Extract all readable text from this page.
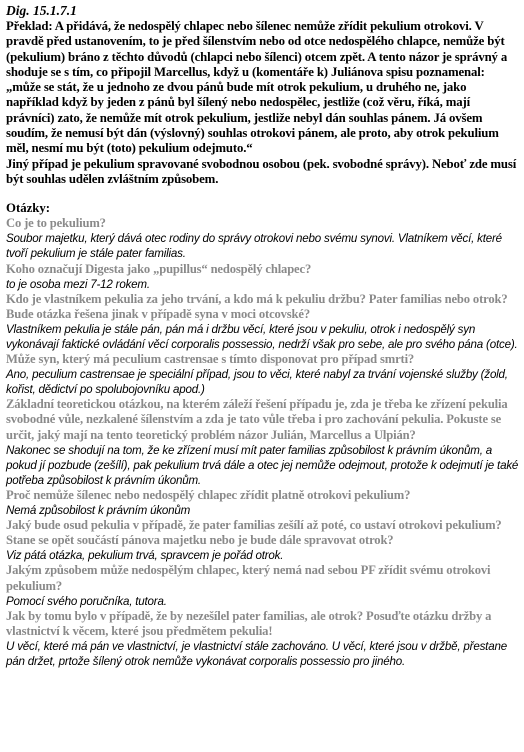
Dig. 15.1.7.1

Překlad: A přidává, že nedospělý chlapec nebo šílenec nemůže zřídit pekulium otrokovi. V pravdě před ustanovením, to je před šílenstvím nebo od otce nedospělého chlapce, nemůže být (pekulium) bráno z těchto důvodů (chlapci nebo šílenci) otcem zpět. A tento názor je správný a shoduje se s tím, co připojil Marcellus, když u (komentáře k) Juliánova spisu poznamenal: „může se stát, že u jednoho ze dvou pánů bude mít otrok pekulium, u druhého ne, jako například když by jeden z pánů byl šílený nebo nedospělec, jestliže (což věru, říká, mají právníci) zato, že nemůže mít otrok pekulium, jestliže nebyl dán souhlas pánem. Já ovšem soudím, že nemusí být dán (výslovný) souhlas otrokovi pánem, ale proto, aby otrok pekulium měl, nesmí mu být (toto) pekulium odejmuto.“

Jiný případ je pekulium spravované svobodnou osobou (pek. svobodné správy). Neboť zde musí být souhlas udělen zvláštním způsobem.

Otázky:

Co je to pekulium?

Soubor majetku, který dává otec rodiny do správy otrokovi nebo svému synovi. Vlatníkem věcí, které tvoří pekulium je stále pater familias.

Koho označují Digesta jako „pupillus“ nedospělý chlapec?

to je osoba mezi 7-12 rokem.

Kdo je vlastníkem pekulia za jeho trvání, a kdo má k pekuliu držbu? Pater familias nebo otrok? Bude otázka řešena jinak v případě syna v moci otcovské?

Vlastníkem pekulia je stále pán, pán má i držbu věcí, které jsou v pekuliu, otrok i nedospělý syn vykonávají faktické ovládání věcí corporalis possessio, nedrží však pro sebe, ale pro svého pána (otce).

Může syn, který má peculium castrensae s tímto disponovat pro případ smrti?

Ano, peculium castrensae je speciální případ, jsou to věci, které nabyl za trvání vojenské služby (žold, kořist, dědictví po spolubojovníku apod.)

Základní teoretickou otázkou, na kterém záleží řešení případu je, zda je třeba ke zřízení pekulia svobodné vůle, nezkalené šílenstvím a zda je tato vůle třeba i pro zachování pekulia. Pokuste se určit, jaký mají na tento teoretický problém názor Julián, Marcellus a Ulpián?

Nakonec se shodují na tom, že ke zřízení musí mít pater familias způsobilost k právním úkonům, a pokud jí pozbude (zešílí), pak pekulium trvá dále a otec jej nemůže odejmout, protože k odejmutí je také potřeba způsobilost k právním úkonům.

Proč nemůže šílenec nebo nedospělý chlapec zřídit platně otrokovi pekulium?

Nemá způsobilost k právním úkonům

Jaký bude osud pekulia v případě, že pater familias zešílí až poté, co ustaví otrokovi pekulium? Stane se opět součástí pánova majetku nebo je bude dále spravovat otrok?

Viz pátá otázka, pekulium trvá, spravcem je pořád otrok.

Jakým způsobem může nedospělým chlapec, který nemá nad sebou PF zřídit svému otrokovi pekulium?

Pomocí svého poručníka, tutora.

Jak by tomu bylo v případě, že by nezešílel pater familias, ale otrok? Posuďte otázku držby a vlastnictví k věcem, které jsou předmětem pekulia!

U věcí, které má pán ve vlastnictví, je vlastnictví stále zachováno. U věcí, které jsou v držbě, přestane pán držet, prtože šílený otrok nemůže vykonávat corporalis possessio pro jiného.
